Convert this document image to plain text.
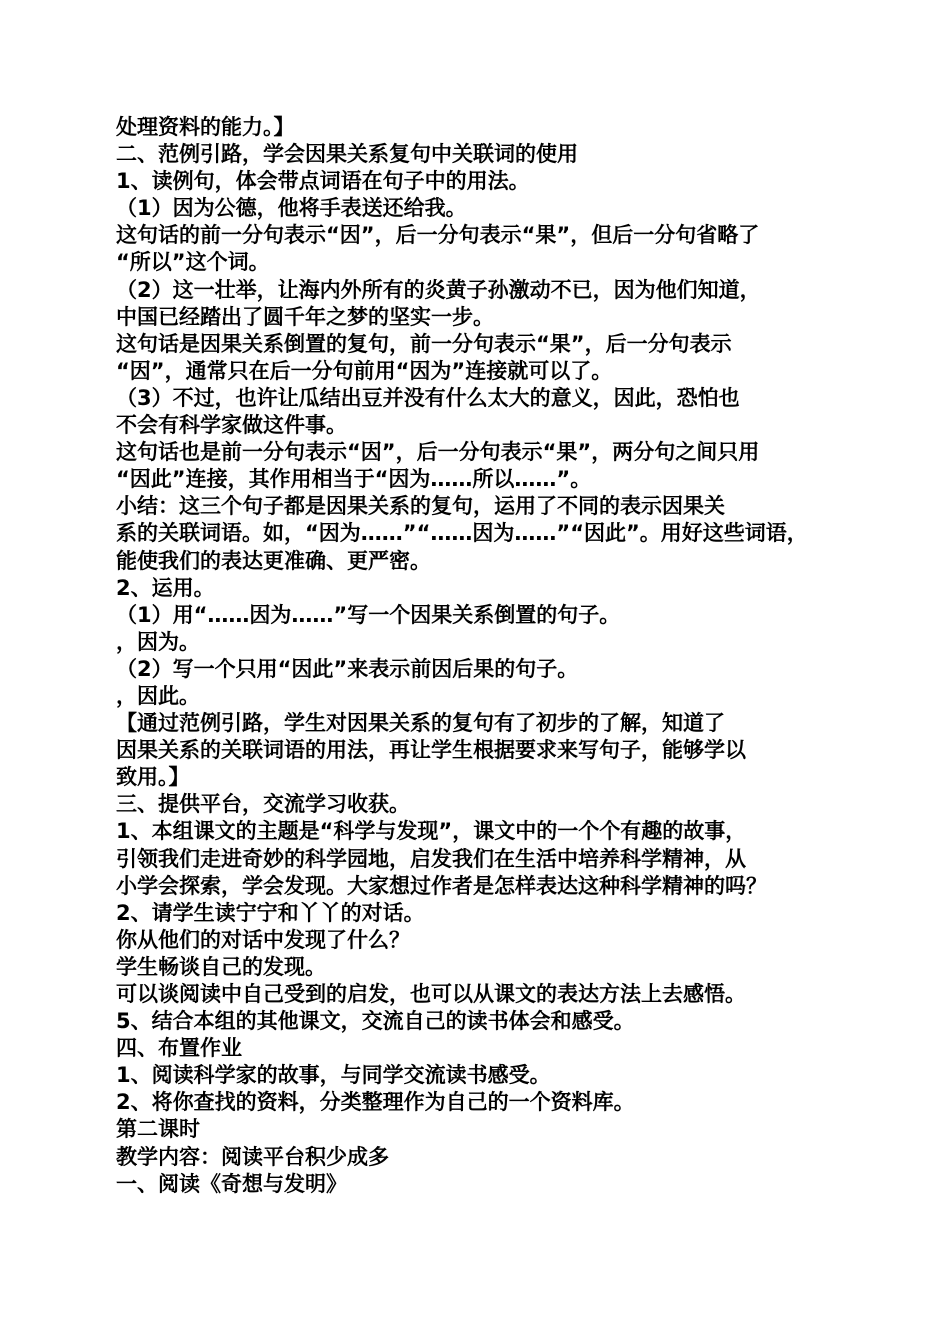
处理资料的能力。】
二、范例引路，学会因果关系复句中关联词的使用
1、读例句，体会带点词语在句子中的用法。
（1）因为公德，他将手表送还给我。
这句话的前一分句表示“因”，后一分句表示“果”，但后一分句省略了
“所以”这个词。
（2）这一壮举，让海内外所有的炎黄子孙激动不已，因为他们知道，
中国已经踏出了圆千年之梦的坚实一步。
这句话是因果关系倒置的复句，前一分句表示“果”，后一分句表示
“因”，通常只在后一分句前用“因为”连接就可以了。
（3）不过，也许让瓜结出豆并没有什么太大的意义，因此，恐怕也
不会有科学家做这件事。
这句话也是前一分句表示“因”，后一分句表示“果”，两分句之间只用
“因此”连接，其作用相当于“因为……所以……”。
小结：这三个句子都是因果关系的复句，运用了不同的表示因果关
系的关联词语。如，“因为……”“……因为……”“因此”。用好这些词语，
能使我们的表达更准确、更严密。
2、运用。
（1）用“……因为……”写一个因果关系倒置的句子。
，因为。
（2）写一个只用“因此”来表示前因后果的句子。
，因此。
【通过范例引路，学生对因果关系的复句有了初步的了解，知道了
因果关系的关联词语的用法，再让学生根据要求来写句子，能够学以
致用。】
三、提供平台，交流学习收获。
1、本组课文的主题是“科学与发现”，课文中的一个个有趣的故事，
引领我们走进奇妙的科学园地，启发我们在生活中培养科学精神，从
小学会探索，学会发现。大家想过作者是怎样表达这种科学精神的吗？
2、请学生读宁宁和丫丫的对话。
你从他们的对话中发现了什么？
学生畅谈自己的发现。
可以谈阅读中自己受到的启发，也可以从课文的表达方法上去感悟。
5、结合本组的其他课文，交流自己的读书体会和感受。
四、布置作业
1、阅读科学家的故事，与同学交流读书感受。
2、将你查找的资料，分类整理作为自己的一个资料库。
第二课时
教学内容：阅读平台积少成多
一、阅读《奇想与发明》
